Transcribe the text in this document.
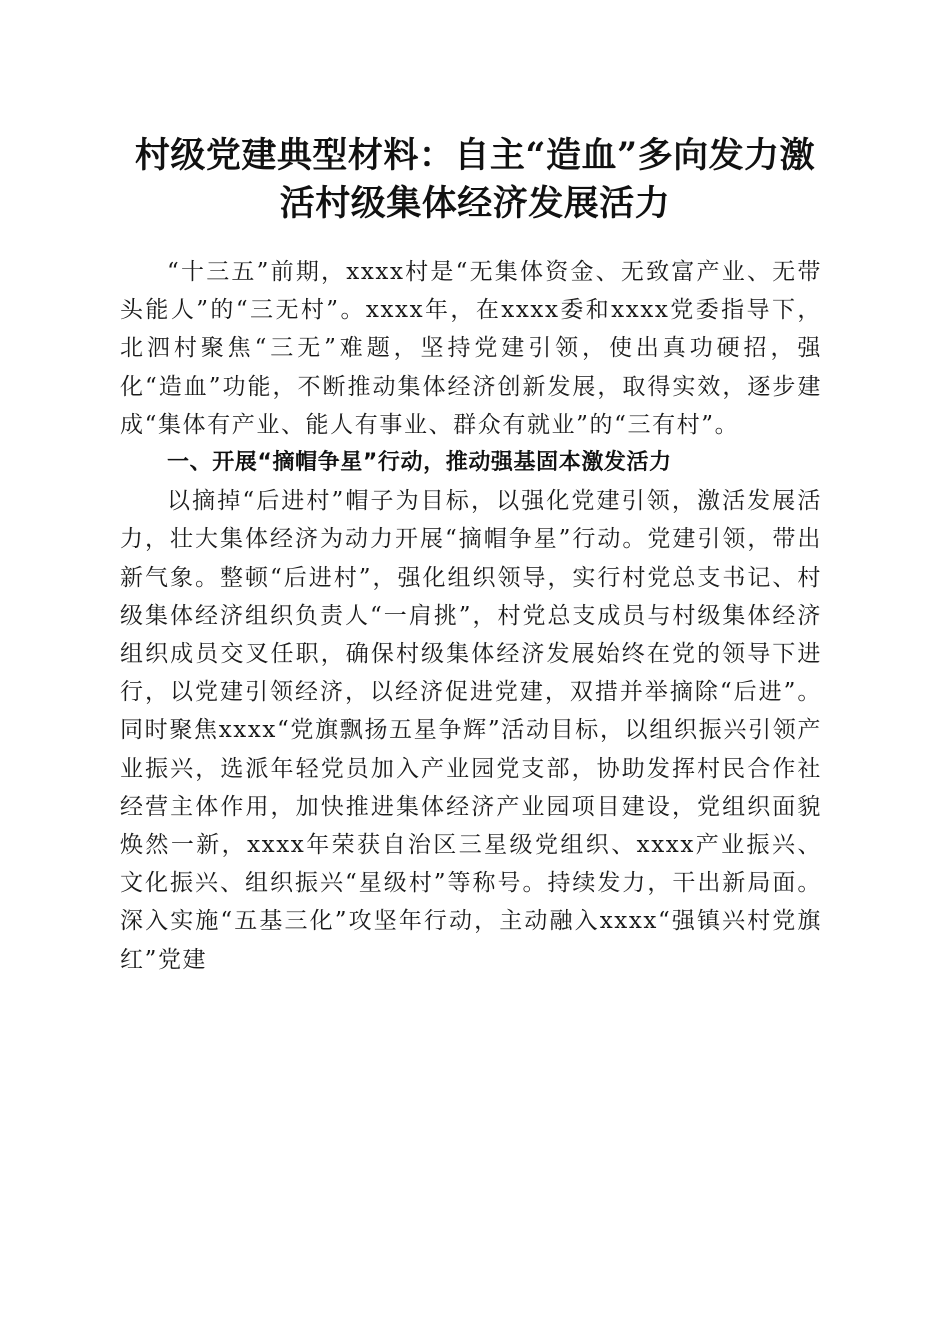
村级党建典型材料：自主“造血”多向发力激
活村级集体经济发展活力

“十三五”前期，xxxx村是“无集体资金、无致富产业、无带头能人”的“三无村”。xxxx年，在xxxx委和xxxx党委指导下，北泗村聚焦“三无”难题，坚持党建引领，使出真功硬招，强化“造血”功能，不断推动集体经济创新发展，取得实效，逐步建成“集体有产业、能人有事业、群众有就业”的“三有村”。

一、开展“摘帽争星”行动，推动强基固本激发活力

以摘掉“后进村”帽子为目标，以强化党建引领，激活发展活力，壮大集体经济为动力开展“摘帽争星”行动。党建引领，带出新气象。整顿“后进村”，强化组织领导，实行村党总支书记、村级集体经济组织负责人“一肩挑”，村党总支成员与村级集体经济组织成员交叉任职，确保村级集体经济发展始终在党的领导下进行，以党建引领经济，以经济促进党建，双措并举摘除“后进”。同时聚焦xxxx“党旗飘扬五星争辉”活动目标，以组织振兴引领产业振兴，选派年轻党员加入产业园党支部，协助发挥村民合作社经营主体作用，加快推进集体经济产业园项目建设，党组织面貌焕然一新，xxxx年荣获自治区三星级党组织、xxxx产业振兴、文化振兴、组织振兴“星级村”等称号。持续发力，干出新局面。深入实施“五基三化”攻坚年行动，主动融入xxxx“强镇兴村党旗红”党建
